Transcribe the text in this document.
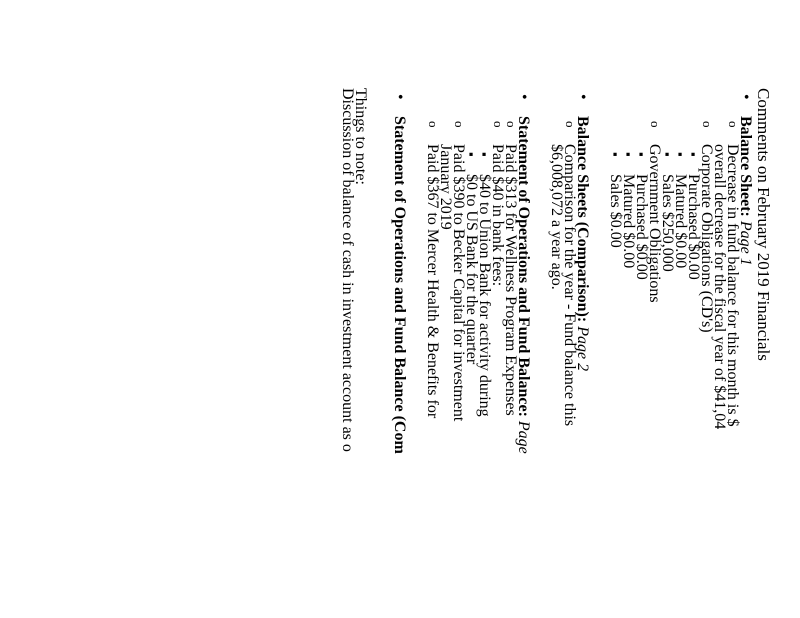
Comments on February 2019 Financials
• Balance Sheet: Page 1
o Decrease in fund balance for this month is $
overall decrease for the fiscal year of $41,04
o Corporate Obligations (CD's)
▪ Purchased $0.00
▪ Matured $0.00
▪ Sales $250,000
o Government Obligations
▪ Purchased $0.00
▪ Matured $0.00
▪ Sales $0.00
• Balance Sheets (Comparison): Page 2
o Comparison for the year - Fund balance this
$6,008,072 a year ago.
• Statement of Operations and Fund Balance: Page
o Paid $313 for Wellness Program Expenses
o Paid $40 in bank fees:
▪ $40 to Union Bank for activity during
▪ $0 to US Bank for the quarter
o Paid $390 to Becker Capital for investment
January 2019
o Paid $367 to Mercer Health & Benefits for
• Statement of Operations and Fund Balance (Com
Things to note:
Discussion of balance of cash in investment account as o
